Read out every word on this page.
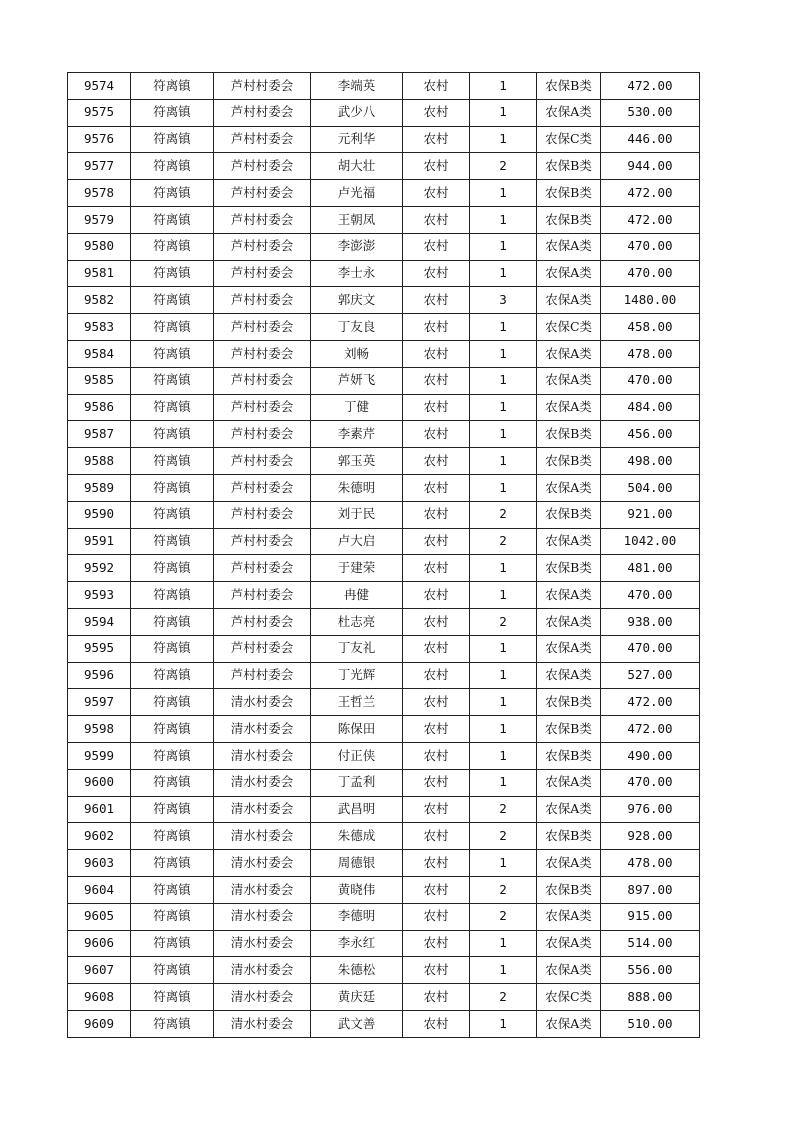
9574	符离镇	芦村村委会	李端英	农村	1	农保B类	472.00
9575	符离镇	芦村村委会	武少八	农村	1	农保A类	530.00
9576	符离镇	芦村村委会	元利华	农村	1	农保C类	446.00
9577	符离镇	芦村村委会	胡大壮	农村	2	农保B类	944.00
9578	符离镇	芦村村委会	卢光福	农村	1	农保B类	472.00
9579	符离镇	芦村村委会	王朝凤	农村	1	农保B类	472.00
9580	符离镇	芦村村委会	李澎澎	农村	1	农保A类	470.00
9581	符离镇	芦村村委会	李士永	农村	1	农保A类	470.00
9582	符离镇	芦村村委会	郭庆文	农村	3	农保A类	1480.00
9583	符离镇	芦村村委会	丁友良	农村	1	农保C类	458.00
9584	符离镇	芦村村委会	刘畅	农村	1	农保A类	478.00
9585	符离镇	芦村村委会	芦妍飞	农村	1	农保A类	470.00
9586	符离镇	芦村村委会	丁健	农村	1	农保A类	484.00
9587	符离镇	芦村村委会	李素芹	农村	1	农保B类	456.00
9588	符离镇	芦村村委会	郭玉英	农村	1	农保B类	498.00
9589	符离镇	芦村村委会	朱德明	农村	1	农保A类	504.00
9590	符离镇	芦村村委会	刘于民	农村	2	农保B类	921.00
9591	符离镇	芦村村委会	卢大启	农村	2	农保A类	1042.00
9592	符离镇	芦村村委会	于建荣	农村	1	农保B类	481.00
9593	符离镇	芦村村委会	冉健	农村	1	农保A类	470.00
9594	符离镇	芦村村委会	杜志亮	农村	2	农保A类	938.00
9595	符离镇	芦村村委会	丁友礼	农村	1	农保A类	470.00
9596	符离镇	芦村村委会	丁光辉	农村	1	农保A类	527.00
9597	符离镇	清水村委会	王哲兰	农村	1	农保B类	472.00
9598	符离镇	清水村委会	陈保田	农村	1	农保B类	472.00
9599	符离镇	清水村委会	付正侠	农村	1	农保B类	490.00
9600	符离镇	清水村委会	丁孟利	农村	1	农保A类	470.00
9601	符离镇	清水村委会	武昌明	农村	2	农保A类	976.00
9602	符离镇	清水村委会	朱德成	农村	2	农保B类	928.00
9603	符离镇	清水村委会	周德银	农村	1	农保A类	478.00
9604	符离镇	清水村委会	黄晓伟	农村	2	农保B类	897.00
9605	符离镇	清水村委会	李德明	农村	2	农保A类	915.00
9606	符离镇	清水村委会	李永红	农村	1	农保A类	514.00
9607	符离镇	清水村委会	朱德松	农村	1	农保A类	556.00
9608	符离镇	清水村委会	黄庆廷	农村	2	农保C类	888.00
9609	符离镇	清水村委会	武文善	农村	1	农保A类	510.00
